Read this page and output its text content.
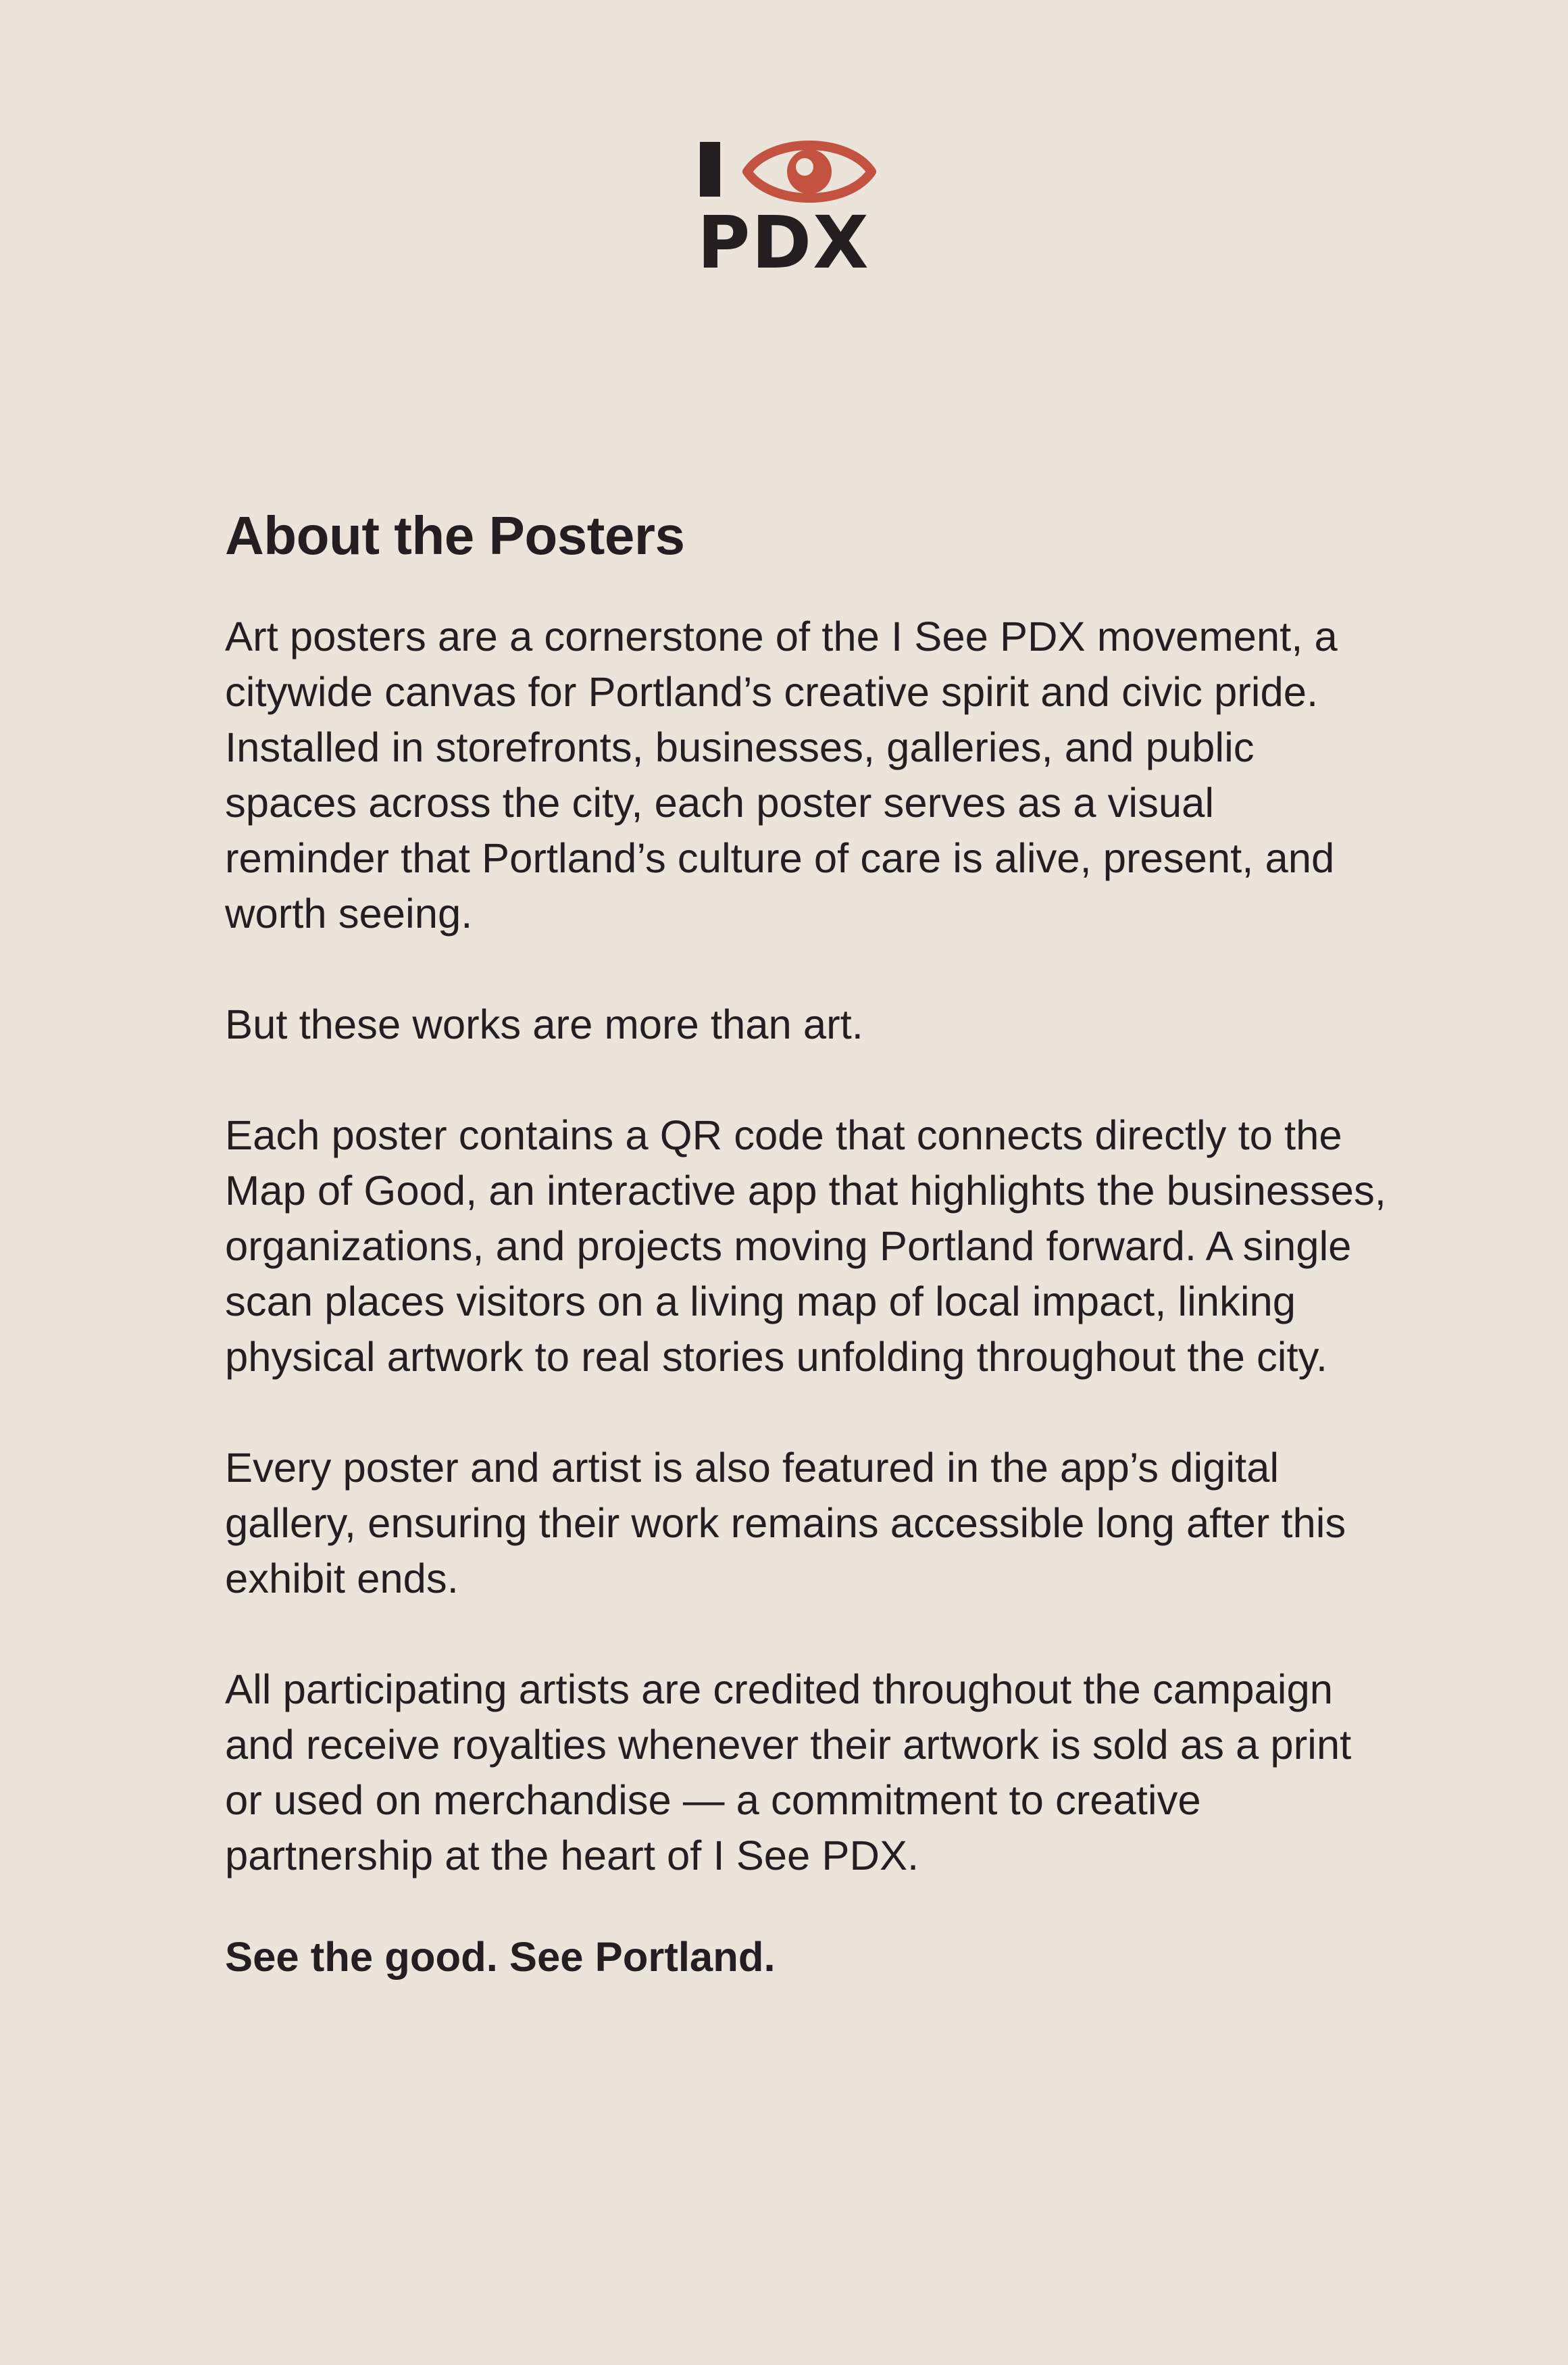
PDX
About the Posters

Art posters are a cornerstone of the I See PDX movement, a citywide canvas for Portland’s creative spirit and civic pride. Installed in storefronts, businesses, galleries, and public spaces across the city, each poster serves as a visual reminder that Portland’s culture of care is alive, present, and worth seeing.

But these works are more than art.

Each poster contains a QR code that connects directly to the Map of Good, an interactive app that highlights the businesses, organizations, and projects moving Portland forward. A single scan places visitors on a living map of local impact, linking physical artwork to real stories unfolding throughout the city.

Every poster and artist is also featured in the app’s digital gallery, ensuring their work remains accessible long after this exhibit ends.

All participating artists are credited throughout the campaign and receive royalties whenever their artwork is sold as a print or used on merchandise — a commitment to creative partnership at the heart of I See PDX.

See the good. See Portland.
